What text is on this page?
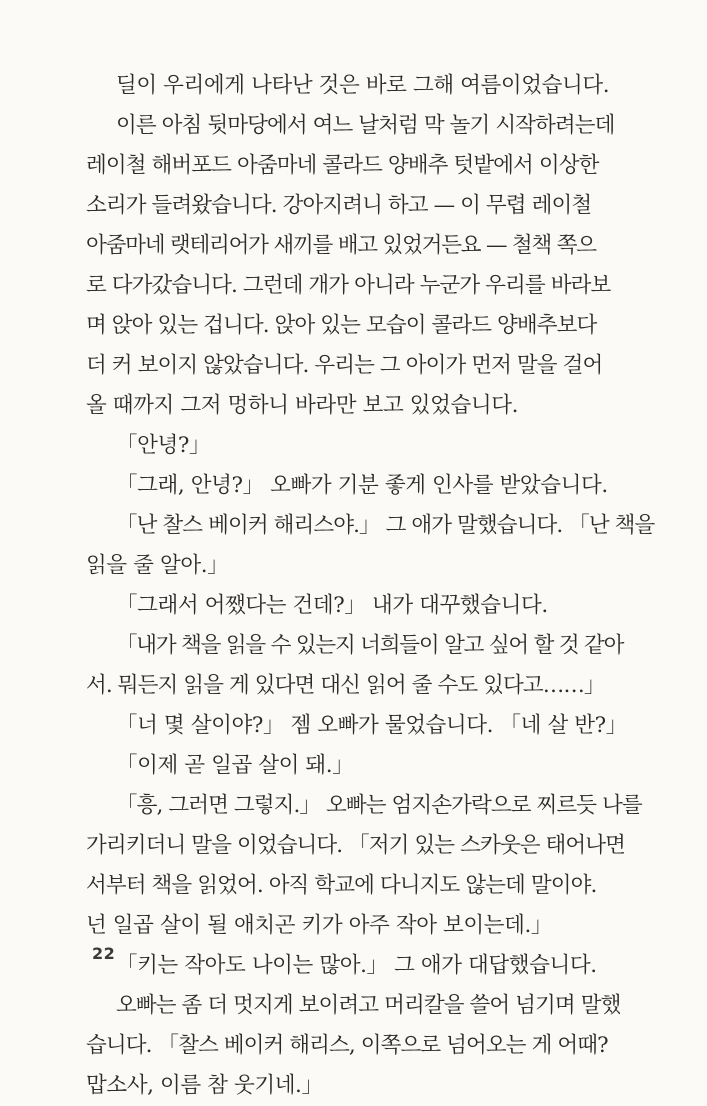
딜이 우리에게 나타난 것은 바로 그해 여름이었습니다.
이른 아침 뒷마당에서 여느 날처럼 막 놀기 시작하려는데
레이철 해버포드 아줌마네 콜라드 양배추 텃밭에서 이상한
소리가 들려왔습니다. 강아지려니 하고 — 이 무렵 레이철
아줌마네 랫테리어가 새끼를 배고 있었거든요 — 철책 쪽으
로 다가갔습니다. 그런데 개가 아니라 누군가 우리를 바라보
며 앉아 있는 겁니다. 앉아 있는 모습이 콜라드 양배추보다
더 커 보이지 않았습니다. 우리는 그 아이가 먼저 말을 걸어
올 때까지 그저 멍하니 바라만 보고 있었습니다.
「안녕?」
「그래, 안녕?」 오빠가 기분 좋게 인사를 받았습니다.
「난 찰스 베이커 해리스야.」 그 애가 말했습니다. 「난 책을
읽을 줄 알아.」
「그래서 어쨌다는 건데?」 내가 대꾸했습니다.
「내가 책을 읽을 수 있는지 너희들이 알고 싶어 할 것 같아
서. 뭐든지 읽을 게 있다면 대신 읽어 줄 수도 있다고……」
「너 몇 살이야?」 젬 오빠가 물었습니다. 「네 살 반?」
「이제 곧 일곱 살이 돼.」
「흥, 그러면 그렇지.」 오빠는 엄지손가락으로 찌르듯 나를
가리키더니 말을 이었습니다. 「저기 있는 스카웃은 태어나면
서부터 책을 읽었어. 아직 학교에 다니지도 않는데 말이야.
넌 일곱 살이 될 애치곤 키가 아주 작아 보이는데.」
「키는 작아도 나이는 많아.」 그 애가 대답했습니다.
오빠는 좀 더 멋지게 보이려고 머리칼을 쓸어 넘기며 말했
습니다. 「찰스 베이커 해리스, 이쪽으로 넘어오는 게 어때?
맙소사, 이름 참 웃기네.」
22
